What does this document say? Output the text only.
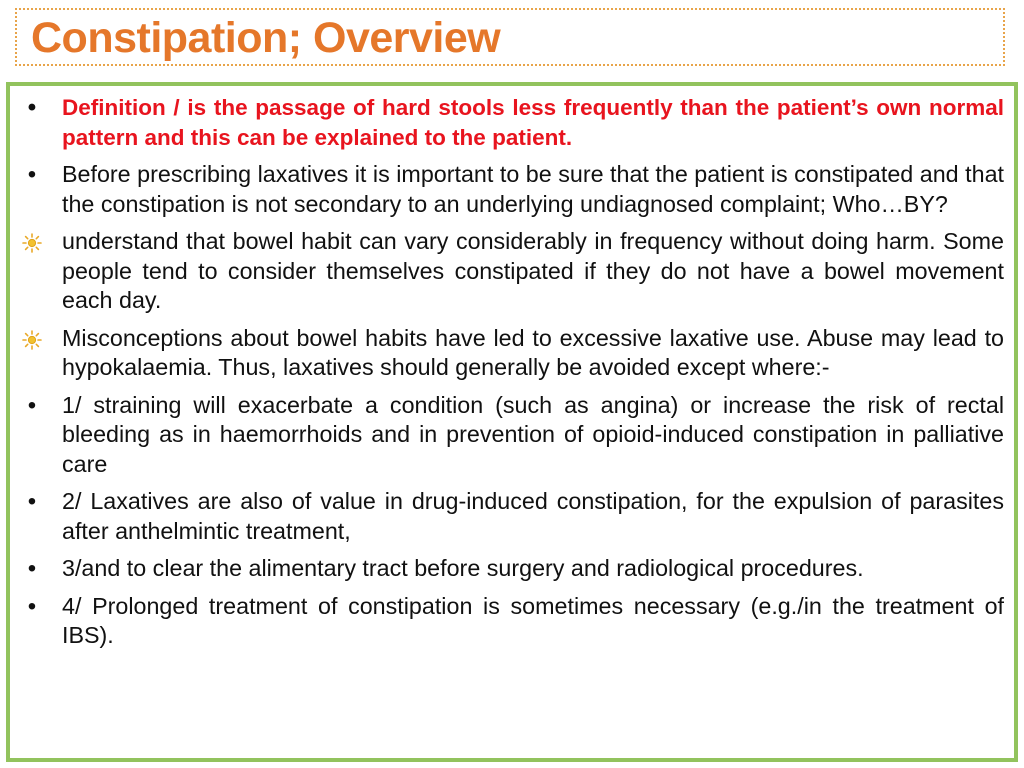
Constipation; Overview
•
Definition / is the passage of hard stools less frequently than the patient’s own normal pattern and this can be explained to the patient.
•
Before prescribing laxatives it is important to be sure that the patient is constipated and that the constipation is not secondary to an underlying undiagnosed complaint; Who…BY?
understand that bowel habit can vary considerably in frequency without doing harm. Some people tend to consider themselves constipated if they do not have a bowel movement each day.
Misconceptions about bowel habits have led to excessive laxative use. Abuse may lead to hypokalaemia. Thus, laxatives should generally be avoided except where:-
•
1/ straining will exacerbate a condition (such as angina) or increase the risk of rectal bleeding as in haemorrhoids and in prevention of opioid-induced constipation in palliative care
•
2/ Laxatives are also of value in drug-induced constipation, for the expulsion of parasites after anthelmintic treatment,
•
3/and to clear the alimentary tract before surgery and radiological procedures.
•
4/ Prolonged treatment of constipation is sometimes necessary (e.g./in the treatment of IBS).
